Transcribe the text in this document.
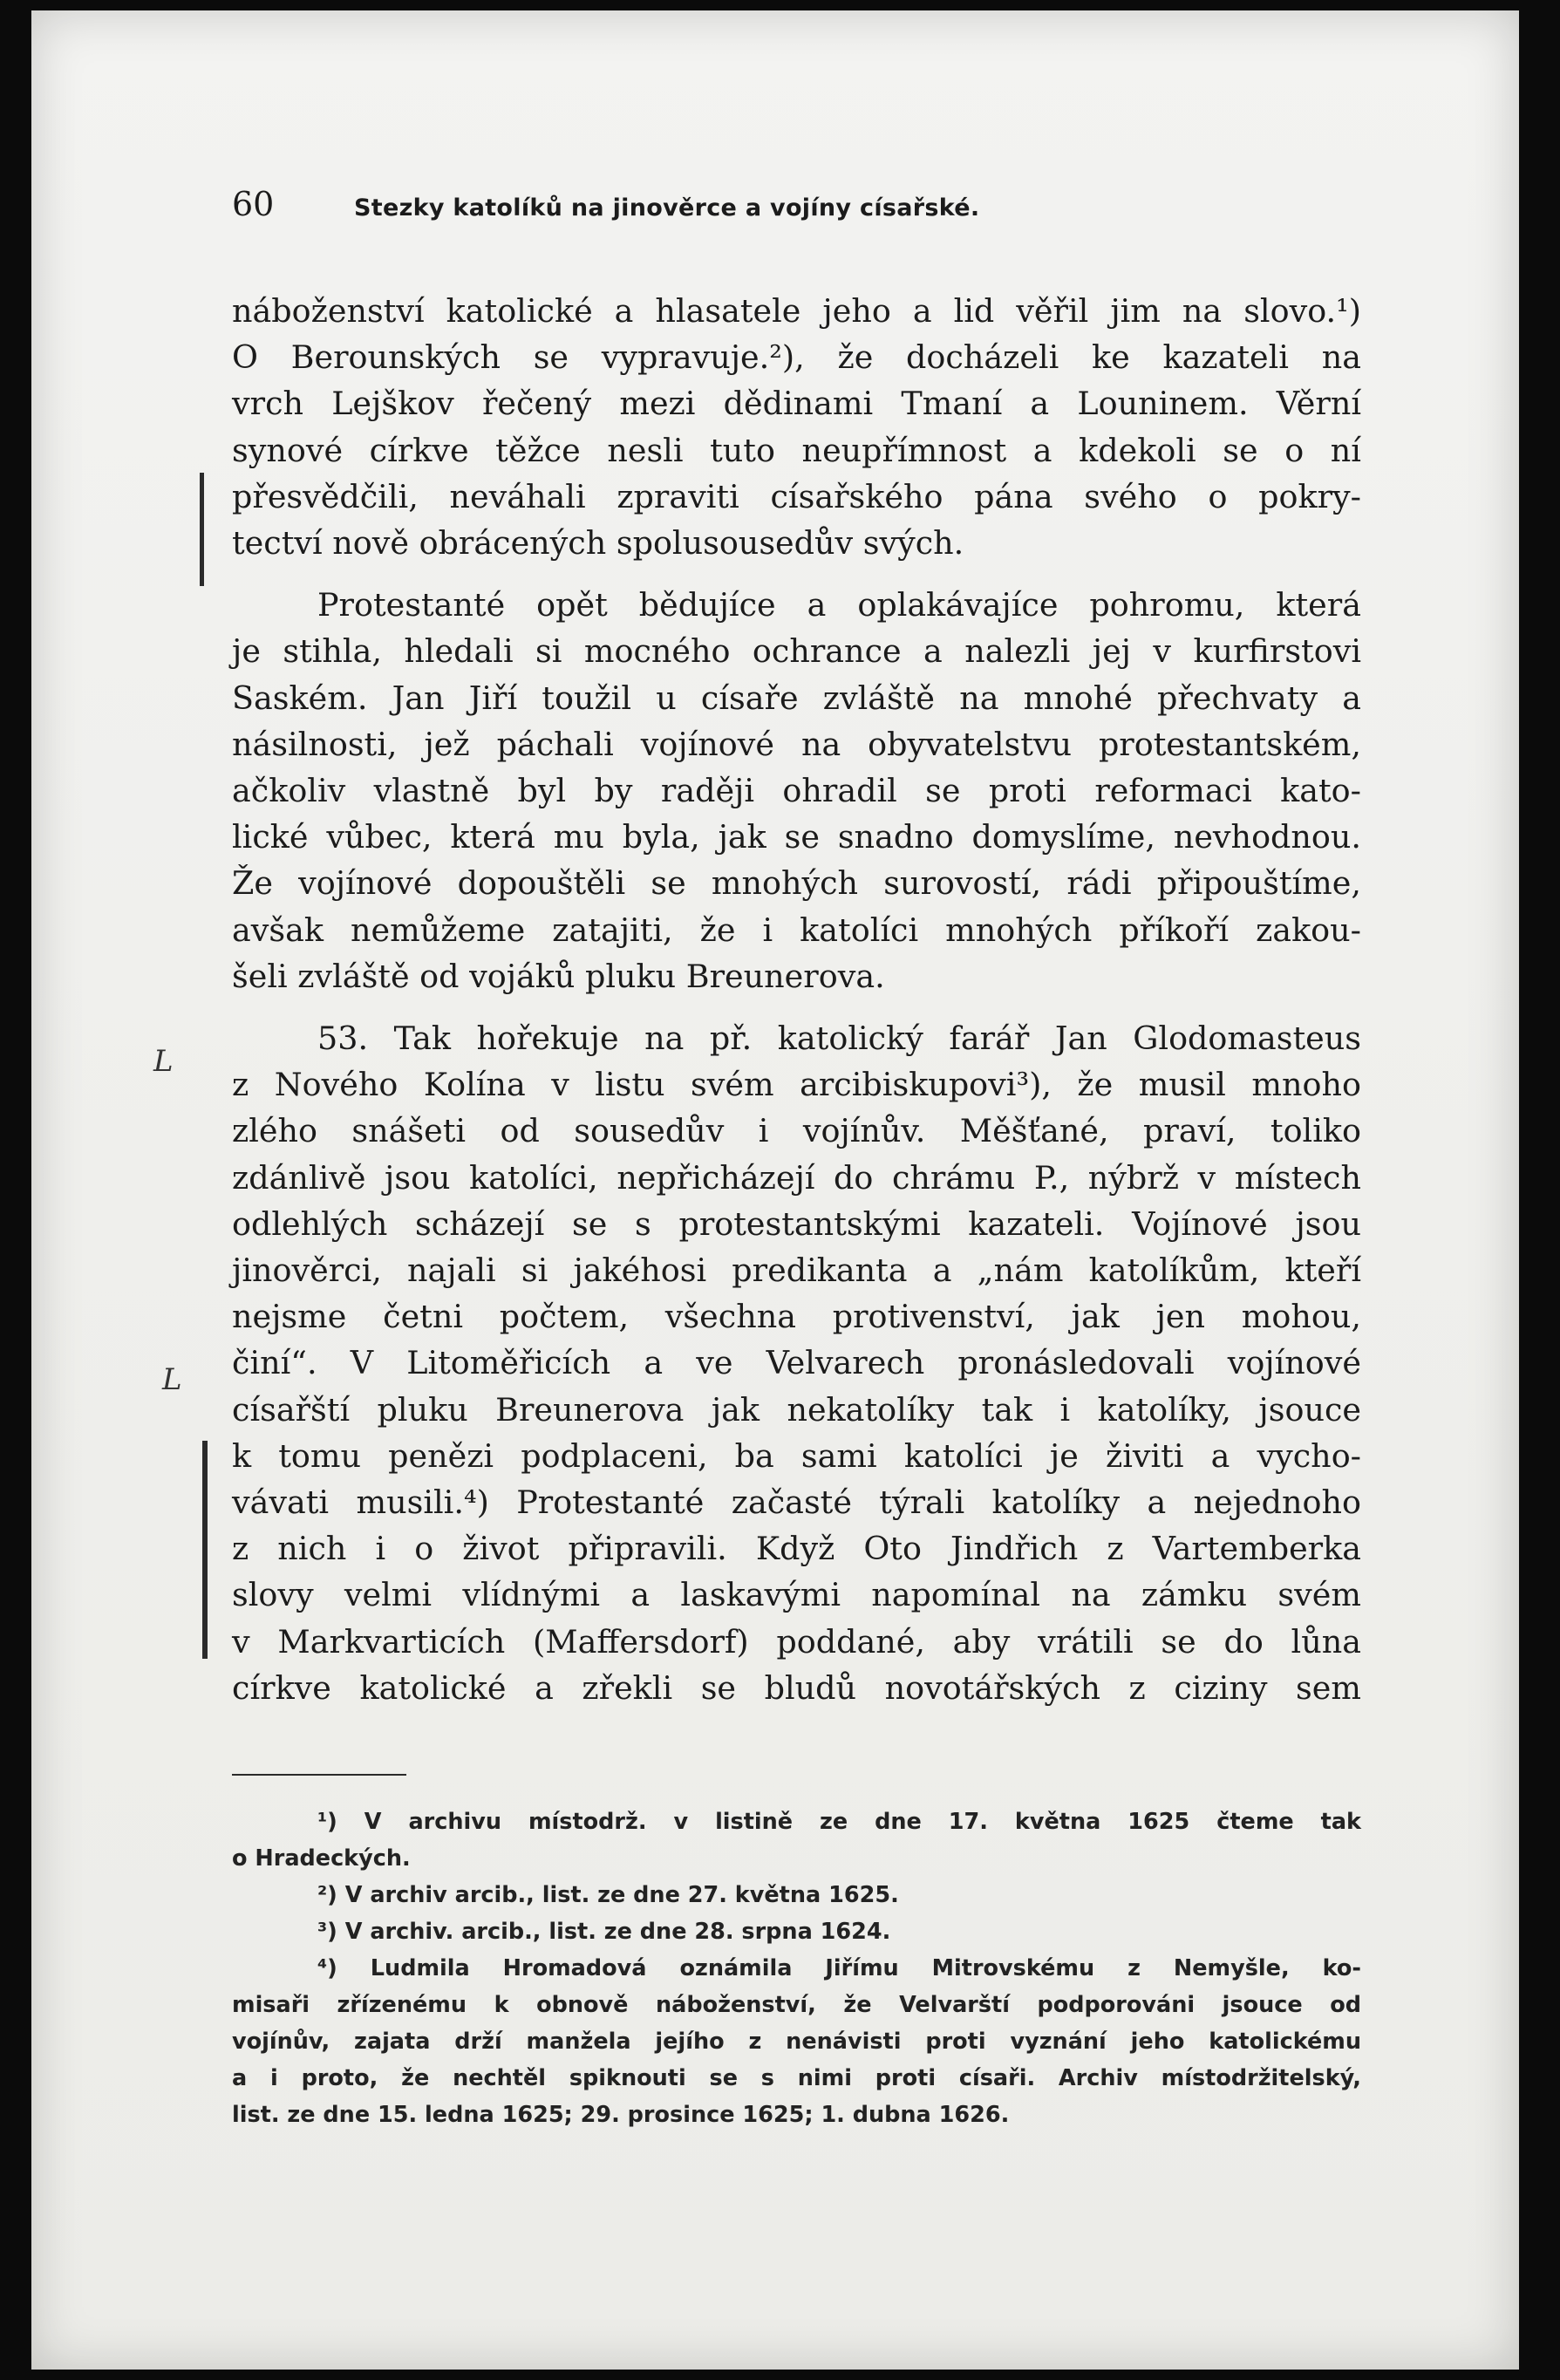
L
L
60	Stezky katolíků na jinověrce a vojíny císařské.

náboženství katolické a hlasatele jeho a lid věřil jim na slovo.¹)
O Berounských se vypravuje.²), že docházeli ke kazateli na
vrch Lejškov řečený mezi dědinami Tmaní a Louninem. Věrní
synové církve těžce nesli tuto neupřímnost a kdekoli se o ní
přesvědčili, neváhali zpraviti císařského pána svého o pokry-
tectví nově obrácených spolusousedův svých.

Protestanté opět bědujíce a oplakávajíce pohromu, která
je stihla, hledali si mocného ochrance a nalezli jej v kurfirstovi
Saském. Jan Jiří toužil u císaře zvláště na mnohé přechvaty a
násilnosti, jež páchali vojínové na obyvatelstvu protestantském,
ačkoliv vlastně byl by raději ohradil se proti reformaci kato-
lické vůbec, která mu byla, jak se snadno domyslíme, nevhodnou.
Že vojínové dopouštěli se mnohých surovostí, rádi připouštíme,
avšak nemůžeme zatajiti, že i katolíci mnohých příkoří zakou-
šeli zvláště od vojáků pluku Breunerova.

53. Tak hořekuje na př. katolický farář Jan Glodomasteus
z Nového Kolína v listu svém arcibiskupovi³), že musil mnoho
zlého snášeti od sousedův i vojínův. Měšťané, praví, toliko
zdánlivě jsou katolíci, nepřicházejí do chrámu P., nýbrž v místech
odlehlých scházejí se s protestantskými kazateli. Vojínové jsou
jinověrci, najali si jakéhosi predikanta a „nám katolíkům, kteří
nejsme četni počtem, všechna protivenství, jak jen mohou,
činí“. V Litoměřicích a ve Velvarech pronásledovali vojínové
císařští pluku Breunerova jak nekatolíky tak i katolíky, jsouce
k tomu penězi podplaceni, ba sami katolíci je živiti a vycho-
vávati musili.⁴) Protestanté začasté týrali katolíky a nejednoho
z nich i o život připravili. Když Oto Jindřich z Vartemberka
slovy velmi vlídnými a laskavými napomínal na zámku svém
v Markvarticích (Maffersdorf) poddané, aby vrátili se do lůna
církve katolické a zřekli se bludů novotářských z ciziny sem

¹) V archivu místodrž. v listině ze dne 17. května 1625 čteme tak
o Hradeckých.
²) V archiv arcib., list. ze dne 27. května 1625.
³) V archiv. arcib., list. ze dne 28. srpna 1624.
⁴) Ludmila Hromadová oznámila Jiřímu Mitrovskému z Nemyšle, ko-
misaři zřízenému k obnově náboženství, že Velvarští podporováni jsouce od
vojínův, zajata drží manžela jejího z nenávisti proti vyznání jeho katolickému
a i proto, že nechtěl spiknouti se s nimi proti císaři. Archiv místodržitelský,
list. ze dne 15. ledna 1625; 29. prosince 1625; 1. dubna 1626.
